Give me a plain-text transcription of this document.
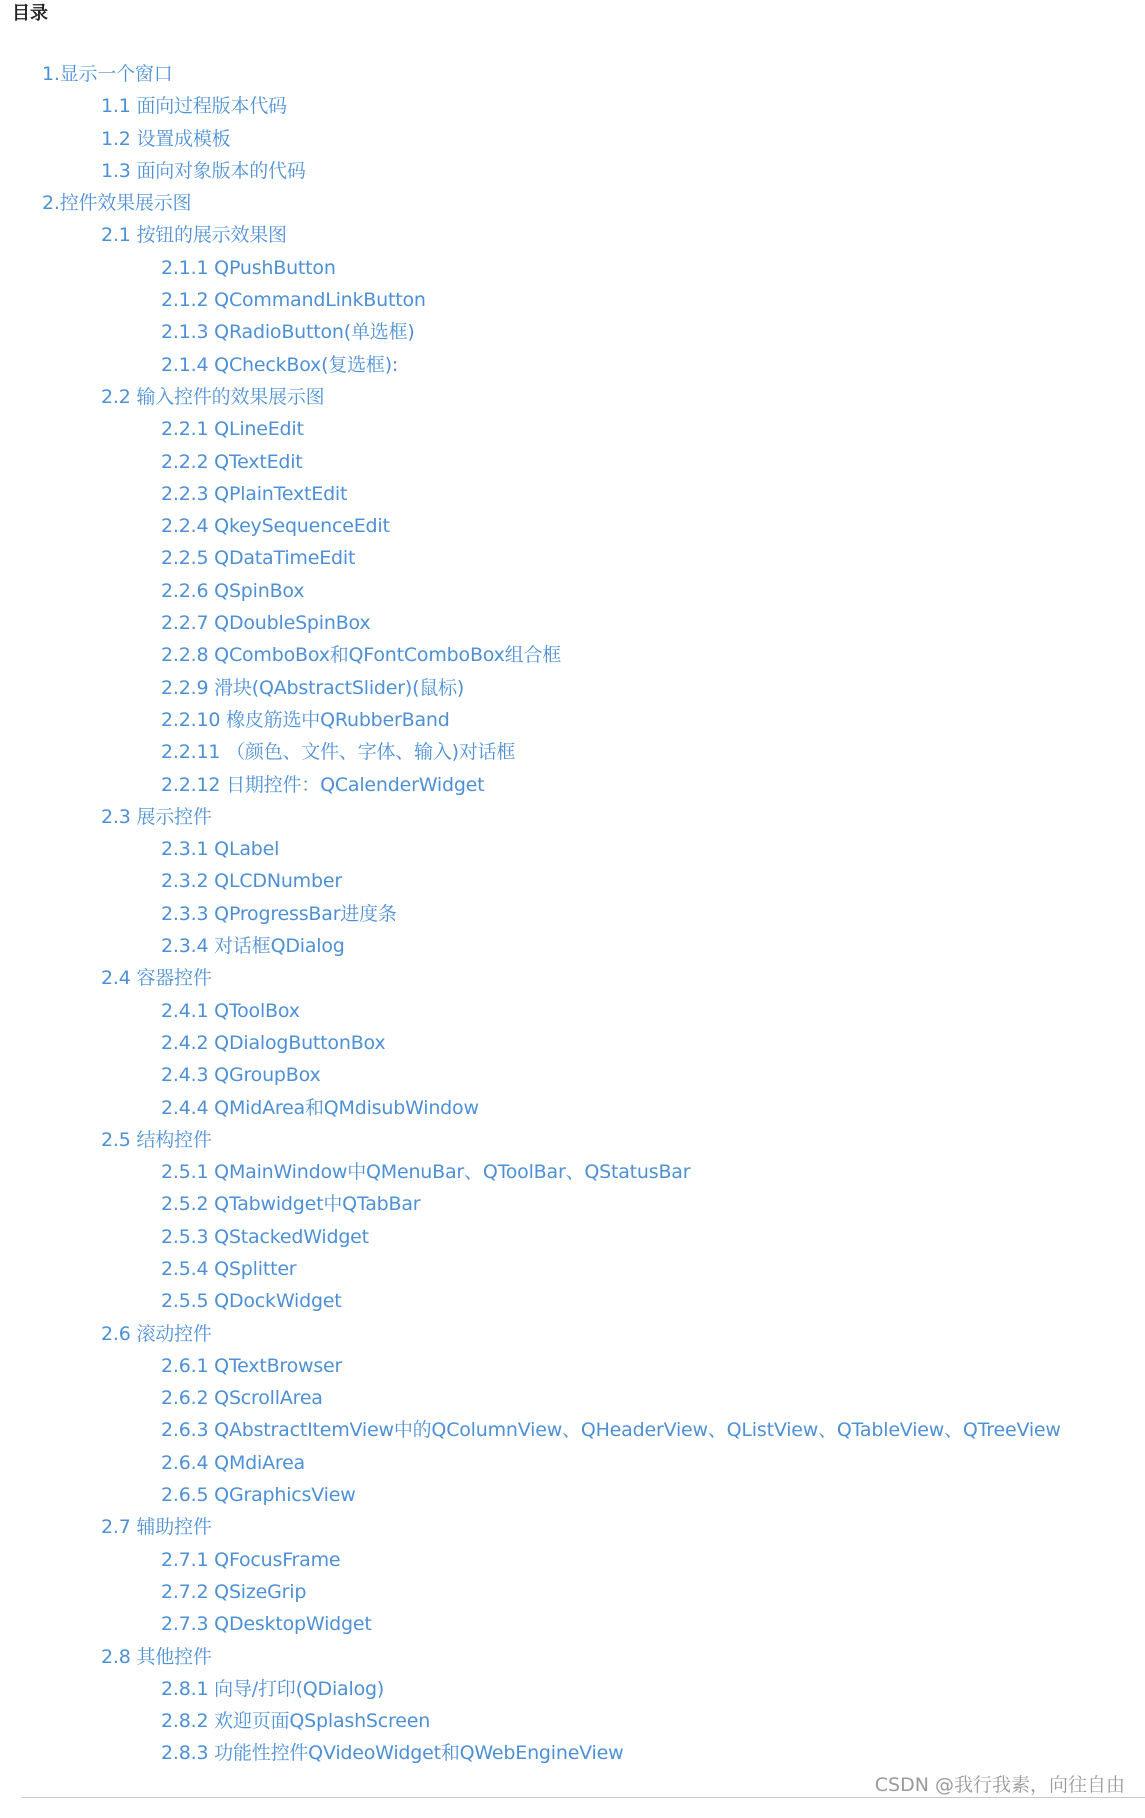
目录
1.显示一个窗口
1.1 面向过程版本代码
1.2 设置成模板
1.3 面向对象版本的代码
2.控件效果展示图
2.1 按钮的展示效果图
2.1.1 QPushButton
2.1.2 QCommandLinkButton
2.1.3 QRadioButton(单选框)
2.1.4 QCheckBox(复选框):
2.2 输入控件的效果展示图
2.2.1 QLineEdit
2.2.2 QTextEdit
2.2.3 QPlainTextEdit
2.2.4 QkeySequenceEdit
2.2.5 QDataTimeEdit
2.2.6 QSpinBox
2.2.7 QDoubleSpinBox
2.2.8 QComboBox和QFontComboBox组合框
2.2.9 滑块(QAbstractSlider)(鼠标)
2.2.10 橡皮筋选中QRubberBand
2.2.11 （颜色、文件、字体、输入)对话框
2.2.12 日期控件：QCalenderWidget
2.3 展示控件
2.3.1 QLabel
2.3.2 QLCDNumber
2.3.3 QProgressBar进度条
2.3.4 对话框QDialog
2.4 容器控件
2.4.1 QToolBox
2.4.2 QDialogButtonBox
2.4.3 QGroupBox
2.4.4 QMidArea和QMdisubWindow
2.5 结构控件
2.5.1 QMainWindow中QMenuBar、QToolBar、QStatusBar
2.5.2 QTabwidget中QTabBar
2.5.3 QStackedWidget
2.5.4 QSplitter
2.5.5 QDockWidget
2.6 滚动控件
2.6.1 QTextBrowser
2.6.2 QScrollArea
2.6.3 QAbstractItemView中的QColumnView、QHeaderView、QListView、QTableView、QTreeView
2.6.4 QMdiArea
2.6.5 QGraphicsView
2.7 辅助控件
2.7.1 QFocusFrame
2.7.2 QSizeGrip
2.7.3 QDesktopWidget
2.8 其他控件
2.8.1 向导/打印(QDialog)
2.8.2 欢迎页面QSplashScreen
2.8.3 功能性控件QVideoWidget和QWebEngineView
CSDN @我行我素，向往自由
